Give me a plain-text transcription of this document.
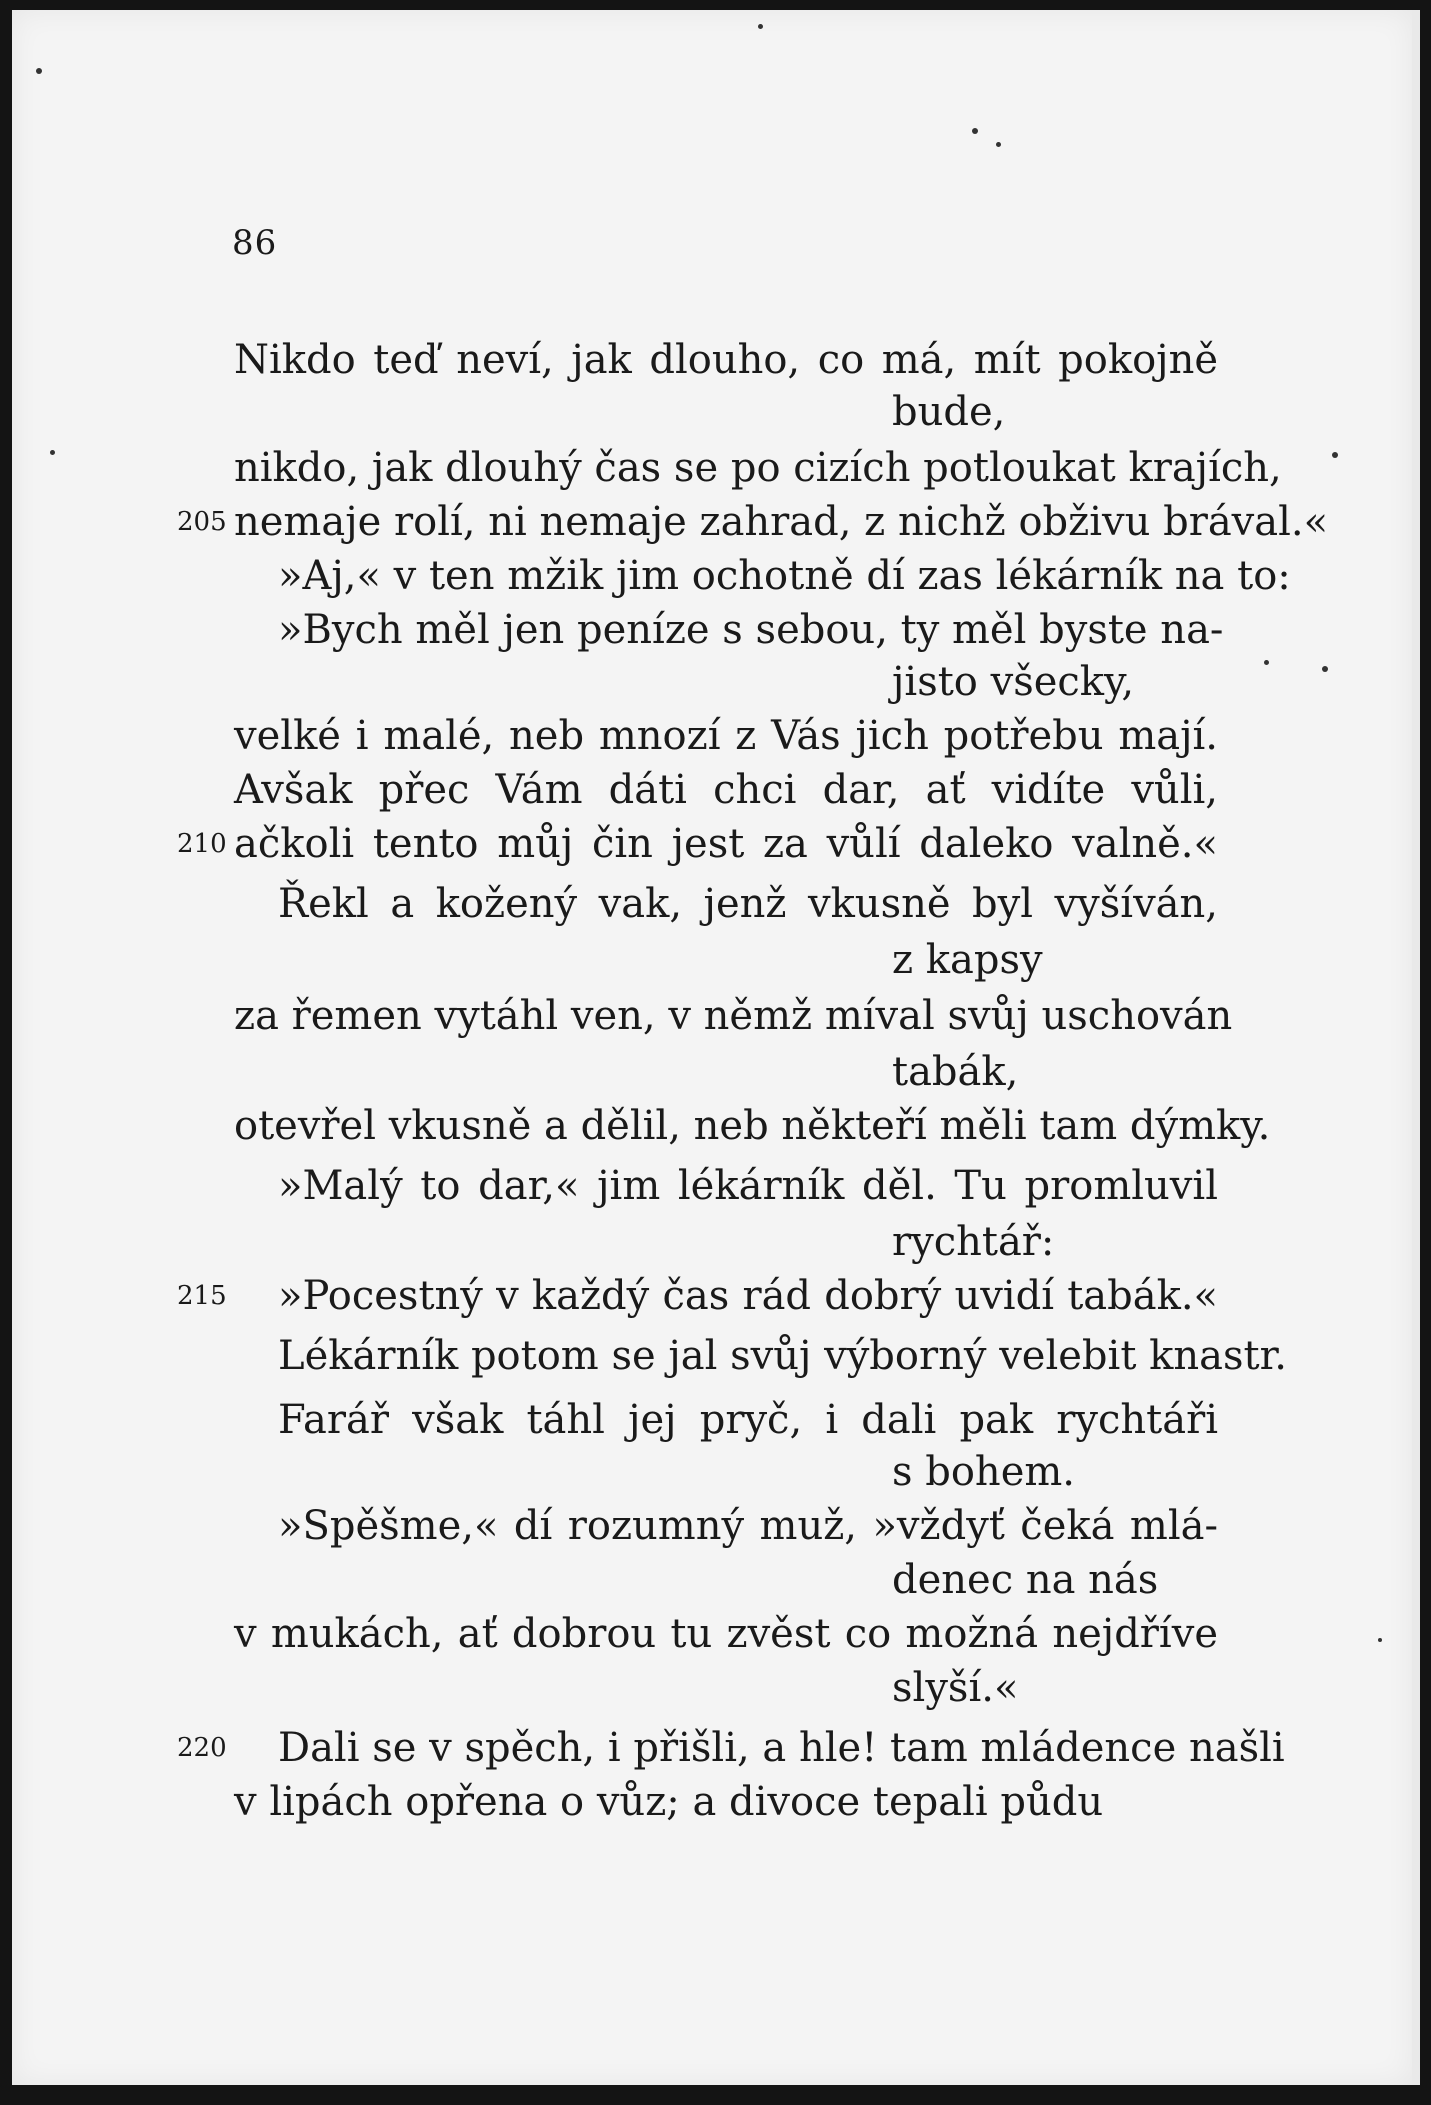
86
Nikdo teď neví, jak dlouho, co má, mít pokojně
bude,
nikdo, jak dlouhý čas se po cizích potloukat krajích,
205 nemaje rolí, ni nemaje zahrad, z nichž obživu brával.«
»Aj,« v ten mžik jim ochotně dí zas lékárník na to:
»Bych měl jen peníze s sebou, ty měl byste na-
jisto všecky,
velké i malé, neb mnozí z Vás jich potřebu mají.
Avšak přec Vám dáti chci dar, ať vidíte vůli,
210 ačkoli tento můj čin jest za vůlí daleko valně.«
Řekl a kožený vak, jenž vkusně byl vyšíván,
z kapsy
za řemen vytáhl ven, v němž míval svůj uschován
tabák,
otevřel vkusně a dělil, neb někteří měli tam dýmky.
»Malý to dar,« jim lékárník děl. Tu promluvil
rychtář:
215 »Pocestný v každý čas rád dobrý uvidí tabák.«
Lékárník potom se jal svůj výborný velebit knastr.
Farář však táhl jej pryč, i dali pak rychtáři
s bohem.
»Spěšme,« dí rozumný muž, »vždyť čeká mlá-
denec na nás
v mukách, ať dobrou tu zvěst co možná nejdříve
slyší.«
220 Dali se v spěch, i přišli, a hle! tam mládence našli
v lipách opřena o vůz; a divoce tepali půdu
